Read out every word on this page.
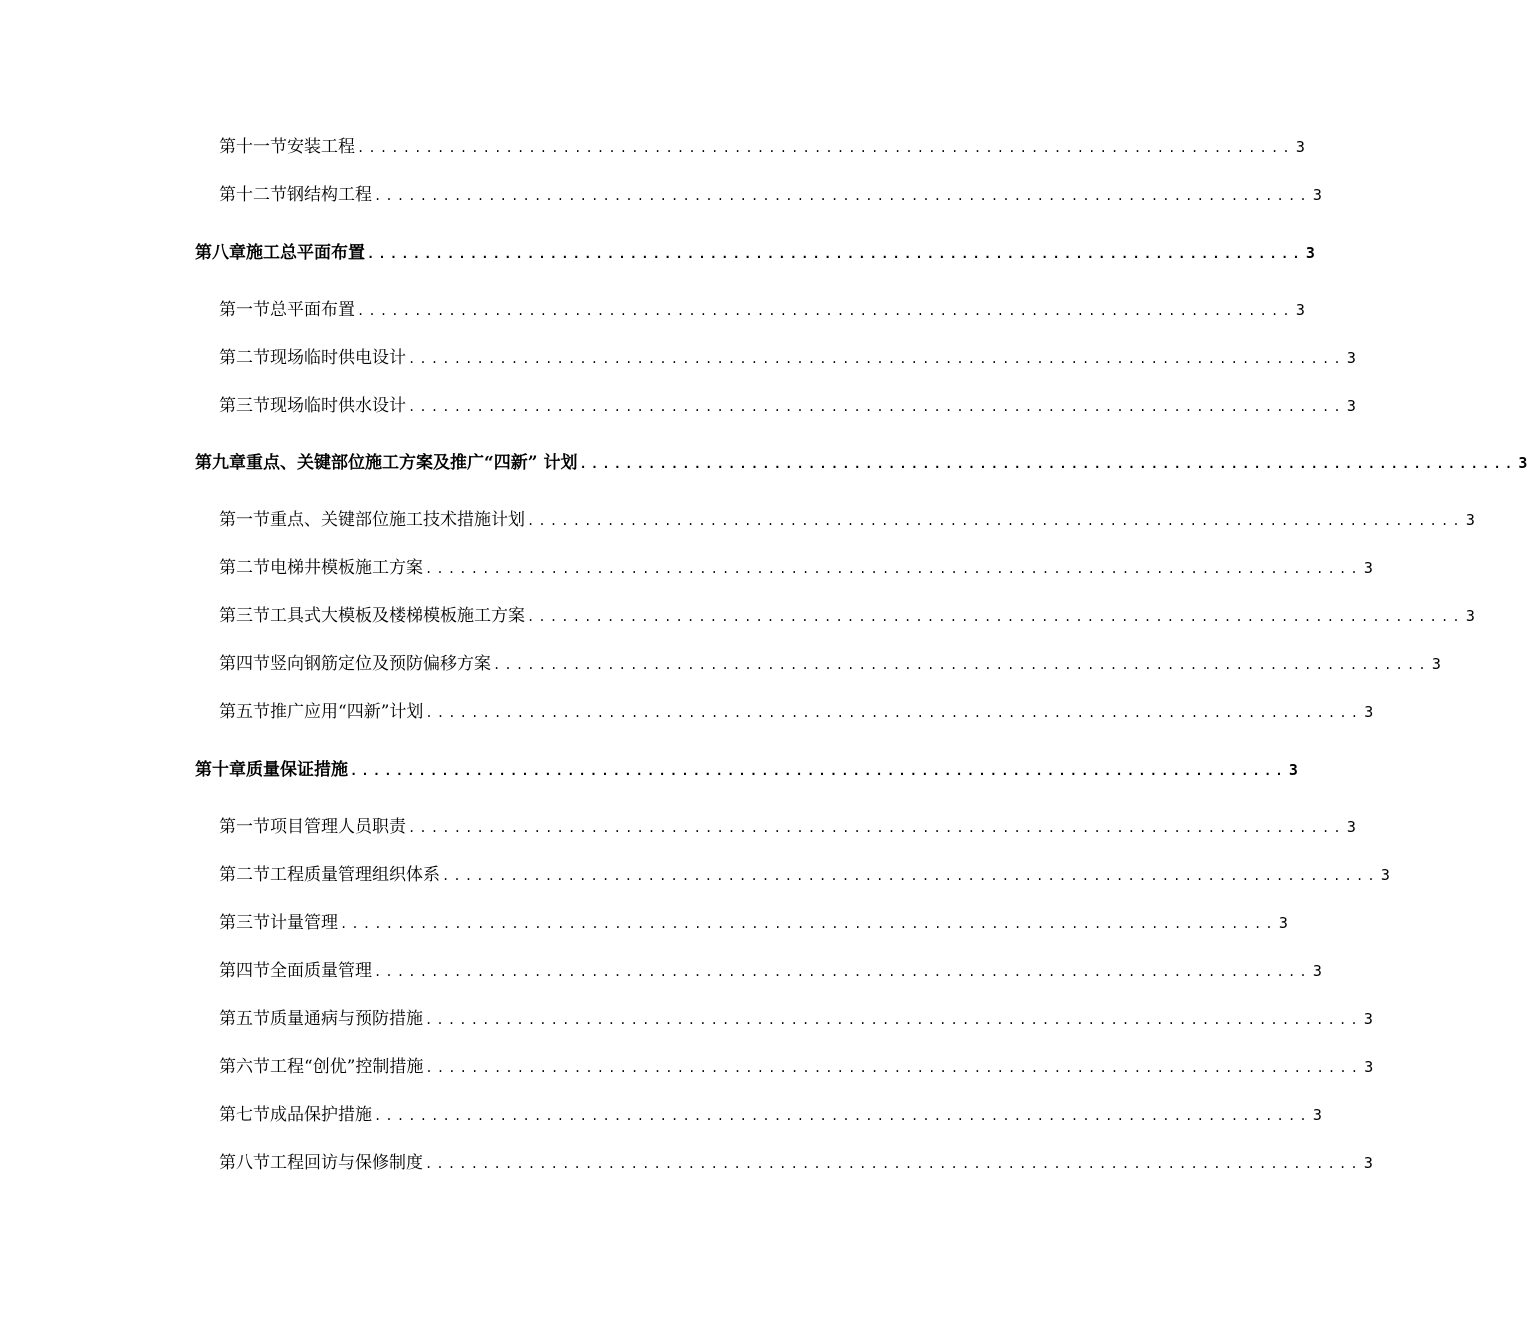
第十一节 安装工程 .................................................................................. 3
第十二节 钢结构工程 .................................................................................. 3
第八章 施工总平面布置 .................................................................................. 3
第一节 总平面布置 .................................................................................. 3
第二节 现场临时供电设计 .................................................................................. 3
第三节 现场临时供水设计 .................................................................................. 3
第九章 重点、关键部位施工方案及推广“四新” 计划 .................................................................................. 3
第一节 重点、关键部位施工技术措施计划 .................................................................................. 3
第二节 电梯井模板施工方案 .................................................................................. 3
第三节 工具式大模板及楼梯模板施工方案 .................................................................................. 3
第四节 竖向钢筋定位及预防偏移方案 .................................................................................. 3
第五节 推广应用“四新”计划 .................................................................................. 3
第十章 质量保证措施 .................................................................................. 3
第一节 项目管理人员职责 .................................................................................. 3
第二节 工程质量管理组织体系 .................................................................................. 3
第三节 计量管理 .................................................................................. 3
第四节 全面质量管理 .................................................................................. 3
第五节 质量通病与预防措施 .................................................................................. 3
第六节 工程“创优”控制措施 .................................................................................. 3
第七节 成品保护措施 .................................................................................. 3
第八节 工程回访与保修制度 .................................................................................. 3
